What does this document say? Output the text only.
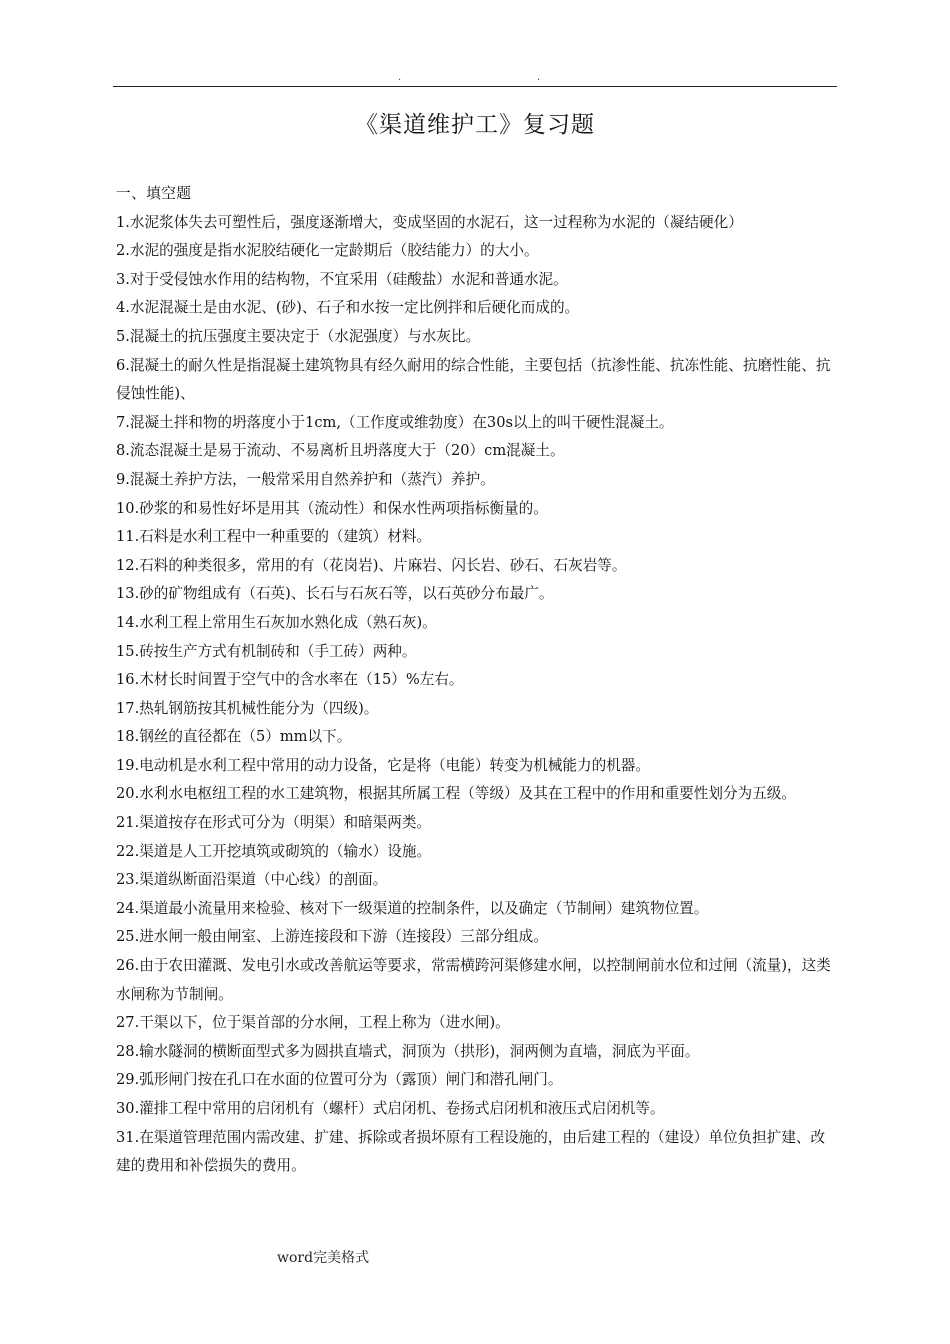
.	.
《渠道维护工》复习题

一、填空题

1.水泥浆体失去可塑性后，强度逐渐增大，变成坚固的水泥石，这一过程称为水泥的（凝结硬化）

2.水泥的强度是指水泥胶结硬化一定龄期后（胶结能力）的大小。

3.对于受侵蚀水作用的结构物，不宜采用（硅酸盐）水泥和普通水泥。

4.水泥混凝土是由水泥、(砂)、石子和水按一定比例拌和后硬化而成的。

5.混凝土的抗压强度主要决定于（水泥强度）与水灰比。

6.混凝土的耐久性是指混凝土建筑物具有经久耐用的综合性能，主要包括（抗渗性能、抗冻性能、抗磨性能、抗侵蚀性能)、

7.混凝土拌和物的坍落度小于1cm,（工作度或维勃度）在30s以上的叫干硬性混凝土。

8.流态混凝土是易于流动、不易离析且坍落度大于（20）cm混凝土。

9.混凝土养护方法，一般常采用自然养护和（蒸汽）养护。

10.砂浆的和易性好坏是用其（流动性）和保水性两项指标衡量的。

11.石料是水利工程中一种重要的（建筑）材料。

12.石料的种类很多，常用的有（花岗岩)、片麻岩、闪长岩、砂石、石灰岩等。

13.砂的矿物组成有（石英)、长石与石灰石等，以石英砂分布最广。

14.水利工程上常用生石灰加水熟化成（熟石灰)。

15.砖按生产方式有机制砖和（手工砖）两种。

16.木材长时间置于空气中的含水率在（15）%左右。

17.热轧钢筋按其机械性能分为（四级)。

18.钢丝的直径都在（5）mm以下。

19.电动机是水利工程中常用的动力设备，它是将（电能）转变为机械能力的机器。

20.水利水电枢纽工程的水工建筑物，根据其所属工程（等级）及其在工程中的作用和重要性划分为五级。

21.渠道按存在形式可分为（明渠）和暗渠两类。

22.渠道是人工开挖填筑或砌筑的（输水）设施。

23.渠道纵断面沿渠道（中心线）的剖面。

24.渠道最小流量用来检验、核对下一级渠道的控制条件，以及确定（节制闸）建筑物位置。

25.进水闸一般由闸室、上游连接段和下游（连接段）三部分组成。

26.由于农田灌溉、发电引水或改善航运等要求，常需横跨河渠修建水闸，以控制闸前水位和过闸（流量)，这类水闸称为节制闸。

27.干渠以下，位于渠首部的分水闸，工程上称为（进水闸)。

28.输水隧洞的横断面型式多为圆拱直墙式，洞顶为（拱形)，洞两侧为直墙，洞底为平面。

29.弧形闸门按在孔口在水面的位置可分为（露顶）闸门和潜孔闸门。

30.灌排工程中常用的启闭机有（螺杆）式启闭机、卷扬式启闭机和液压式启闭机等。

31.在渠道管理范围内需改建、扩建、拆除或者损坏原有工程设施的，由后建工程的（建设）单位负担扩建、改建的费用和补偿损失的费用。

word完美格式
